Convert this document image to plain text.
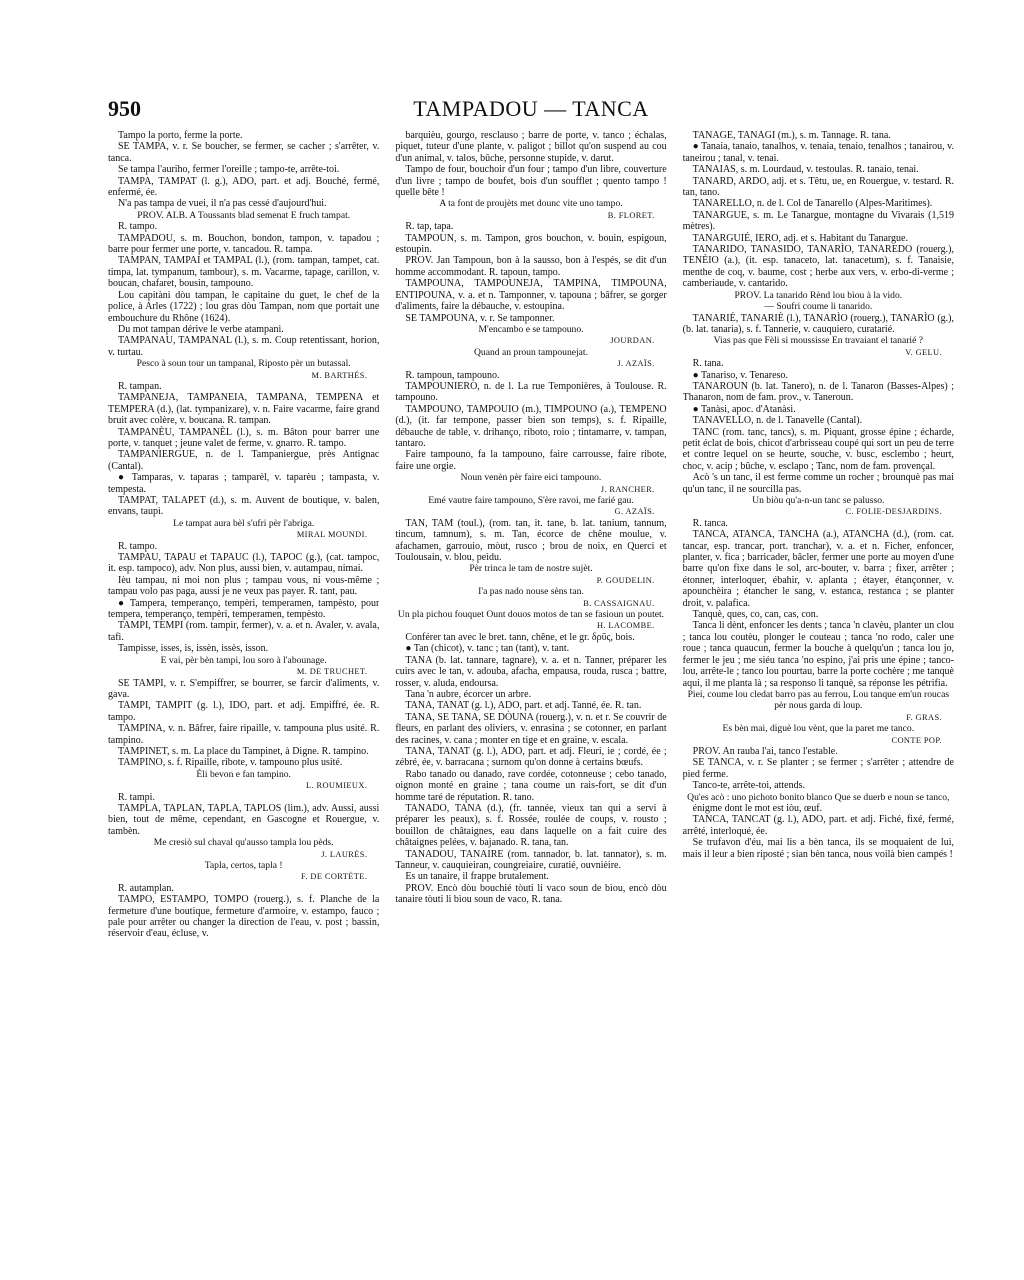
950	TAMPADOU — TANCA

Tampo la porto, ferme la porte.

SE TAMPA, v. r. Se boucher, se fermer, se cacher ; s'arrêter, v. tanca.

Se tampa l'auriho, fermer l'oreille ; tampo-te, arrête-toi.

TAMPA, TAMPAT (l. g.), ADO, part. et adj. Bouché, fermé, enfermé, ée.

N'a pas tampa de vuei, il n'a pas cessé d'aujourd'hui.

PROV. ALB. A Toussants blad semenat E fruch tampat.

R. tampo.

TAMPADOU, s. m. Bouchon, bondon, tampon, v. tapadou ; barre pour fermer une porte, v. tancadou. R. tampa.

TAMPAN, TAMPAI et TAMPAL (l.), (rom. tampan, tampet, cat. timpa, lat. tympanum, tambour), s. m. Vacarme, tapage, carillon, v. boucan, chafaret, bousin, tampouno.

Lou capitàni dòu tampan, le capitaine du guet, le chef de la police, à Arles (1722) ; lou gras dòu Tampan, nom que portait une embouchure du Rhône (1624).

Du mot tampan dérive le verbe atampani.

TAMPANAU, TAMPANAL (l.), s. m. Coup retentissant, horion, v. turtau.

Pesco à soun tour un tampanal, Riposto pèr un butassal.

M. BARTHÉS.

R. tampan.

TAMPANEJA, TAMPANEIA, TAMPANA, TEMPENA et TEMPERA (d.), (lat. tympanizare), v. n. Faire vacarme, faire grand bruit avec colère, v. boucana. R. tampan.

TAMPANÈU, TAMPANÈL (l.), s. m. Bâton pour barrer une porte, v. tanquet ; jeune valet de ferme, v. gnarro. R. tampo.

TAMPANIERGUE, n. de l. Tampaniergue, près Antignac (Cantal).

● Tamparas, v. taparas ; tamparèl, v. taparèu ; tampasta, v. tempesta.

TAMPAT, TALAPET (d.), s. m. Auvent de boutique, v. balen, envans, taupì.

Le tampat aura bèl s'ufri pèr l'abriga.

MIRAL MOUNDI.

R. tampo.

TAMPAU, TAPAU et TAPAUC (l.), TAPOC (g.), (cat. tampoc, it. esp. tampoco), adv. Non plus, aussi bien, v. autampau, nimai.

Ièu tampau, ni moi non plus ; tampau vous, ni vous-même ; tampau volo pas paga, aussi je ne veux pas payer. R. tant, pau.

● Tampera, temperanço, tempèri, temperamen, tampèsto, pour tempera, temperanço, tempèri, temperamen, tempèsto.

TAMPI, TEMPI (rom. tampir, fermer), v. a. et n. Avaler, v. avala, tafi.

Tampisse, isses, is, issèn, issès, isson.

E vai, pèr bèn tampi, lou soro à l'abounage.

M. DE TRUCHET.

SE TAMPI, v. r. S'empiffrer, se bourrer, se farcir d'aliments, v. gava.

TAMPI, TAMPIT (g. l.), IDO, part. et adj. Empiffré, ée. R. tampo.

TAMPINA, v. n. Bâfrer, faire ripaille, v. tampouna plus usité. R. tampino.

TAMPINET, s. m. La place du Tampinet, à Digne. R. tampino.

TAMPINO, s. f. Ripaille, ribote, v. tampouno plus usité.

Èli bevon e fan tampino.

L. ROUMIEUX.

R. tampi.

TAMPLA, TAPLAN, TAPLA, TAPLOS (lim.), adv. Aussi, aussi bien, tout de même, cependant, en Gascogne et Rouergue, v. tambèn.

Me cresiò sul chaval qu'ausso tampla lou pèds.

J. LAURÈS.

Tapla, certos, tapla !

F. DE CORTÈTE.

R. autamplan.

TAMPO, ESTAMPO, TOMPO (rouerg.), s. f. Planche de la fermeture d'une boutique, fermeture d'armoire, v. estampo, fauco ; pale pour arrêter ou changer la direction de l'eau, v. post ; bassin, réservoir d'eau, écluse, v.

barquièu, gourgo, resclauso ; barre de porte, v. tanco ; échalas, piquet, tuteur d'une plante, v. paligot ; billot qu'on suspend au cou d'un animal, v. talos, bûche, personne stupide, v. darut.

Tampo de four, bouchoir d'un four ; tampo d'un libre, couverture d'un livre ; tampo de boufet, bois d'un soufflet ; quento tampo ! quelle bête !

A ta font de proujèts met dounc vite uno tampo.

B. FLORET.

R. tap, tapa.

TAMPOUN, s. m. Tampon, gros bouchon, v. bouin, espigoun, estoupin.

PROV. Jan Tampoun, bon à la sausso, bon à l'espés, se dit d'un homme accommodant. R. tapoun, tampo.

TAMPOUNA, TAMPOUNEJA, TAMPINA, TIMPOUNA, ENTIPOUNA, v. a. et n. Tamponner, v. tapouna ; bâfrer, se gorger d'aliments, faire la débauche, v. estoupina.

SE TAMPOUNA, v. r. Se tamponner.

M'encambo e se tampouno.

JOURDAN.

Quand an proun tampounejat.

J. AZAÏS.

R. tampoun, tampouno.

TAMPOUNIERO, n. de l. La rue Temponières, à Toulouse. R. tampouno.

TAMPOUNO, TAMPOUIO (m.), TIMPOUNO (a.), TEMPENO (d.), (it. far tempone, passer bien son temps), s. f. Ripaille, débauche de table, v. drihanço, riboto, roio ; tintamarre, v. tampan, tantaro.

Faire tampouno, fa la tampouno, faire carrousse, faire ribote, faire une orgie.

Noun venèn pèr faire eici tampouno.

J. RANCHER.

Emé vautre faire tampouno, S'ère ravoi, me farié gau.

G. AZAÏS.

TAN, TAM (toul.), (rom. tan, it. tane, b. lat. tanium, tannum, tincum, tamnum), s. m. Tan, écorce de chêne moulue, v. afachamen, garrouio, mòut, rusco ; brou de noix, en Querci et Toulousain, v. blou, peìdu.

Pèr trinca le tam de nostre sujèt.

P. GOUDELIN.

I'a pas nado nouse sèns tan.

B. CASSAIGNAU.

Un pla pichou fouquet Ount douos motos de tan se fasioun un poutet.

H. LACOMBE.

Conférer tan avec le bret. tann, chêne, et le gr. δρῦς, bois.

● Tan (chicot), v. tanc ; tan (tant), v. tant.

TANA (b. lat. tannare, tagnare), v. a. et n. Tanner, préparer les cuirs avec le tan, v. adouba, afacha, empausa, rouda, rusca ; battre, rosser, v. aluda, endoursa.

Tana 'n aubre, écorcer un arbre.

TANA, TANAT (g. l.), ADO, part. et adj. Tanné, ée. R. tan.

TANA, SE TANA, SE DÒUNA (rouerg.), v. n. et r. Se couvrir de fleurs, en parlant des oliviers, v. enrasina ; se cotonner, en parlant des racines, v. cana ; monter en tige et en graine, v. escala.

TANA, TANAT (g. l.), ADO, part. et adj. Fleuri, ie ; cordé, ée ; zébré, ée, v. barracana ; surnom qu'on donne à certains bœufs.

Rabo tanado ou danado, rave cordée, cotonneuse ; cebo tanado, oignon monté en graine ; tana coume un rais-fort, se dit d'un homme taré de réputation. R. tano.

TANADO, TANA (d.), (fr. tannée, vieux tan qui a servi à préparer les peaux), s. f. Rossée, roulée de coups, v. rousto ; bouillon de châtaignes, eau dans laquelle on a fait cuire des châtaignes pelées, v. bajanado. R. tana, tan.

TANADOU, TANAIRE (rom. tannador, b. lat. tannator), s. m. Tanneur, v. cauquieiran, coungreiaire, curatié, ouvnièire.

Es un tanaire, il frappe brutalement.

PROV. Encò dòu bouchié tòuti li vaco soun de bìou, encò dòu tanaire tòuti li bìou soun de vaco, R. tana.

TANAGE, TANÀGI (m.), s. m. Tannage. R. tana.

● Tanaia, tanaio, tanalhos, v. tenaia, tenaio, tenalhos ; tanairou, v. taneirou ; tanal, v. tenai.

TANAIAS, s. m. Lourdaud, v. testoulas. R. tanaio, tenai.

TANARD, ARDO, adj. et s. Têtu, ue, en Rouergue, v. testard. R. tan, tano.

TANARELLO, n. de l. Col de Tanarello (Alpes-Maritimes).

TANARGUE, s. m. Le Tanargue, montagne du Vivarais (1,519 mètres).

TANARGUIÉ, IERO, adj. et s. Habitant du Tanargue.

TANARIDO, TANASIDO, TANARÌO, TANAREDO (rouerg.), TENÈIO (a.), (it. esp. tanaceto, lat. tanacetum), s. f. Tanaisie, menthe de coq, v. baume, cost ; herbe aux vers, v. erbo-di-verme ; camberiaude, v. cantarido.

PROV. La tanarido Rènd lou bìou à la vido.

— Soufri coume li tanarido.

TANARIÉ, TANARIÈ (l.), TANARÌO (rouerg.), TANARÌO (g.), (b. lat. tanaria), s. f. Tannerie, v. cauquiero, curatarié.

Vias pas que Fèli si moussisse En travaiant el tanarié ?

V. GELU.

R. tana.

● Tanariso, v. Tenareso.

TANAROUN (b. lat. Tanero), n. de l. Tanaron (Basses-Alpes) ; Thanaron, nom de fam. prov., v. Taneroun.

● Tanàsi, apoc. d'Atanàsi.

TANAVELLO, n. de l. Tanavelle (Cantal).

TANC (rom. tanc, tancs), s. m. Piquant, grosse épine ; écharde, petit éclat de bois, chicot d'arbrisseau coupé qui sort un peu de terre et contre lequel on se heurte, souche, v. busc, esclembo ; heurt, choc, v. acip ; bûche, v. esclapo ; Tanc, nom de fam. provençal.

Acò 's un tanc, il est ferme comme un rocher ; brounquè pas mai qu'un tanc, il ne sourcilla pas.

Un biòu qu'a-n-un tanc se palusso.

C. FOLIE-DESJARDINS.

R. tanca.

TANCA, ATANCA, TANCHA (a.), ATANCHA (d.), (rom. cat. tancar, esp. trancar, port. tranchar), v. a. et n. Ficher, enfoncer, planter, v. fica ; barricader, bâcler, fermer une porte au moyen d'une barre qu'on fixe dans le sol, arc-bouter, v. barra ; fixer, arrêter ; étonner, interloquer, ébahir, v. aplanta ; étayer, étançonner, v. apounchèira ; étancher le sang, v. estanca, restanca ; se planter droit, v. palafica.

Tanquè, ques, co, can, cas, con.

Tanca li dènt, enfoncer les dents ; tanca 'n clavèu, planter un clou ; tanca lou coutèu, plonger le couteau ; tanca 'no rodo, caler une roue ; tanca quaucun, fermer la bouche à quelqu'un ; tanca lou jo, fermer le jeu ; me siéu tanca 'no espino, j'ai pris une épine ; tanco-lou, arrête-le ; tanco lou pourtau, barre la porte cochère ; me tanquè aqui, il me planta là ; sa responso li tanquè, sa réponse les pétrifia.

Piei, coume lou cledat barro pas au ferrou, Lou tanque em'un roucas pèr nous garda di loup.

F. GRAS.

Es bèn mai, diguè lou vènt, que la paret me tanco.

CONTE POP.

PROV. An rauba l'ai, tanco l'estable.

SE TANCA, v. r. Se planter ; se fermer ; s'arrêter ; attendre de pied ferme.

Tanco-te, arrête-toi, attends.

Qu'es acò : uno pichoto bonito blanco Que se duerb e noun se tanco,

énigme dont le mot est iòu, œuf.

TANCA, TANCAT (g. l.), ADO, part. et adj. Fiché, fixé, fermé, arrêté, interloqué, ée.

Se trufavon d'éu, mai lis a bèn tanca, ils se moquaient de lui, mais il leur a bien riposté ; sian bèn tanca, nous voilà bien campés !
